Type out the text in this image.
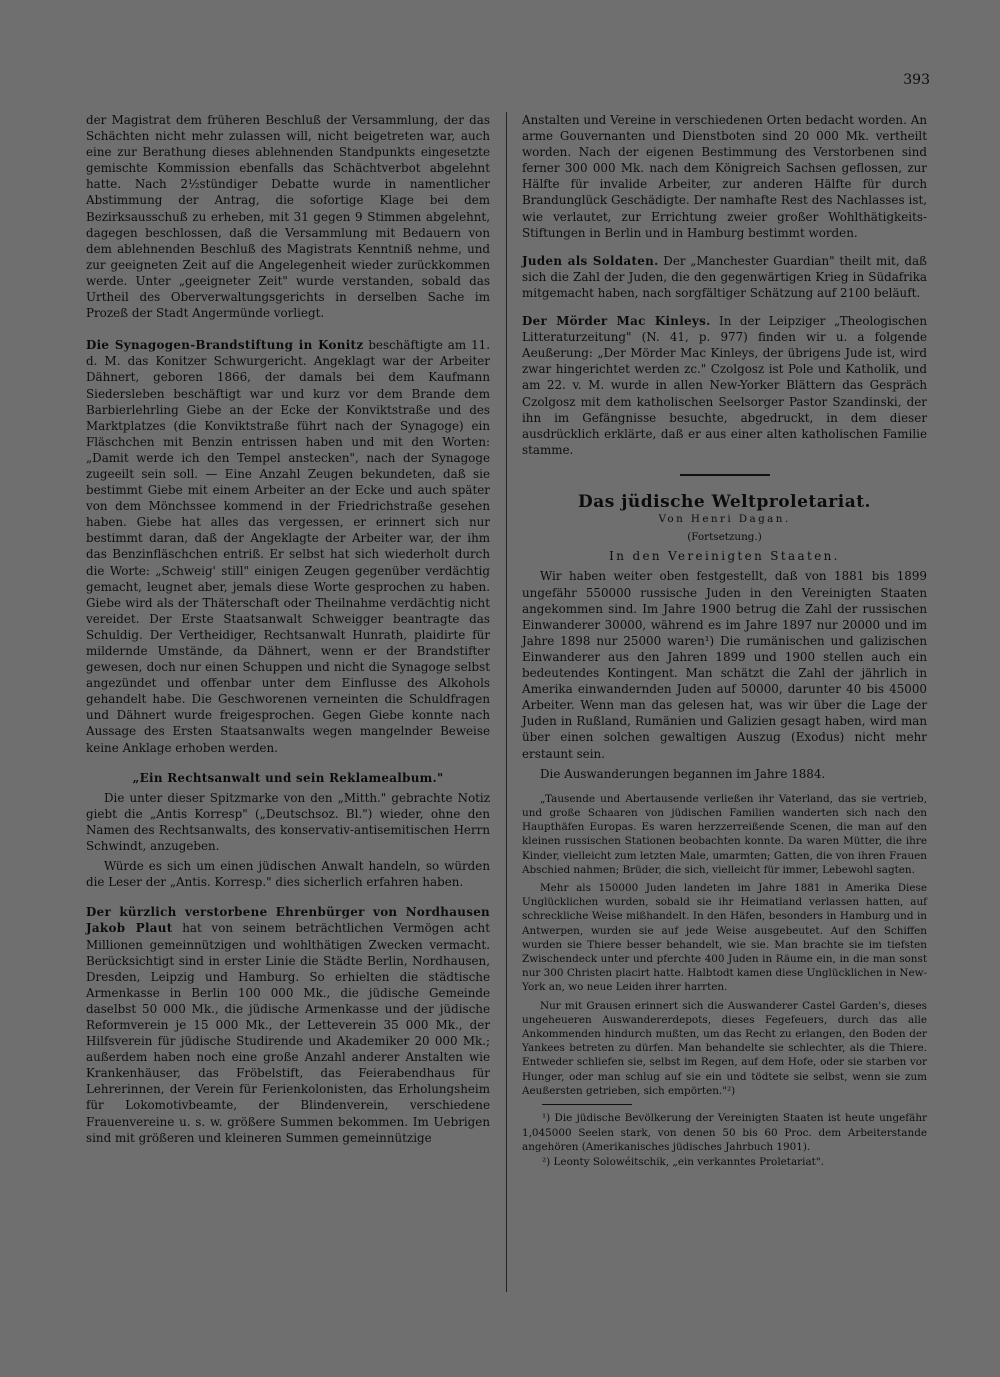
393

der Magistrat dem früheren Beschluß der Versammlung, der das Schächten nicht mehr zulassen will, nicht beigetreten war, auch eine zur Berathung dieses ablehnenden Standpunkts eingesetzte gemischte Kommission ebenfalls das Schächtverbot abgelehnt hatte. Nach 2½stündiger Debatte wurde in namentlicher Abstimmung der Antrag, die sofortige Klage bei dem Bezirksausschuß zu erheben, mit 31 gegen 9 Stimmen abgelehnt, dagegen beschlossen, daß die Versammlung mit Bedauern von dem ablehnenden Beschluß des Magistrats Kenntniß nehme, und zur geeigneten Zeit auf die Angelegenheit wieder zurückkommen werde. Unter „geeigneter Zeit" wurde verstanden, sobald das Urtheil des Oberverwaltungsgerichts in derselben Sache im Prozeß der Stadt Angermünde vorliegt.

Die Synagogen-Brandstiftung in Konitz beschäftigte am 11. d. M. das Konitzer Schwurgericht. Angeklagt war der Arbeiter Dähnert, geboren 1866, der damals bei dem Kaufmann Siedersleben beschäftigt war und kurz vor dem Brande dem Barbierlehrling Giebe an der Ecke der Konviktstraße und des Marktplatzes (die Konviktstraße führt nach der Synagoge) ein Fläschchen mit Benzin entrissen haben und mit den Worten: „Damit werde ich den Tempel anstecken", nach der Synagoge zugeeilt sein soll. — Eine Anzahl Zeugen bekundeten, daß sie bestimmt Giebe mit einem Arbeiter an der Ecke und auch später von dem Mönchssee kommend in der Friedrichstraße gesehen haben. Giebe hat alles das vergessen, er erinnert sich nur bestimmt daran, daß der Angeklagte der Arbeiter war, der ihm das Benzinfläschchen entriß. Er selbst hat sich wiederholt durch die Worte: „Schweig' still" einigen Zeugen gegenüber verdächtig gemacht, leugnet aber, jemals diese Worte gesprochen zu haben. Giebe wird als der Thäterschaft oder Theilnahme verdächtig nicht vereidet. Der Erste Staatsanwalt Schweigger beantragte das Schuldig. Der Vertheidiger, Rechtsanwalt Hunrath, plaidirte für mildernde Umstände, da Dähnert, wenn er der Brandstifter gewesen, doch nur einen Schuppen und nicht die Synagoge selbst angezündet und offenbar unter dem Einflusse des Alkohols gehandelt habe. Die Geschworenen verneinten die Schuldfragen und Dähnert wurde freigesprochen. Gegen Giebe konnte nach Aussage des Ersten Staatsanwalts wegen mangelnder Beweise keine Anklage erhoben werden.

„Ein Rechtsanwalt und sein Reklamealbum."

Die unter dieser Spitzmarke von den „Mitth." gebrachte Notiz giebt die „Antis Korresp" („Deutschsoz. Bl.") wieder, ohne den Namen des Rechtsanwalts, des konservativ-antisemitischen Herrn Schwindt, anzugeben.

Würde es sich um einen jüdischen Anwalt handeln, so würden die Leser der „Antis. Korresp." dies sicherlich erfahren haben.

Der kürzlich verstorbene Ehrenbürger von Nordhausen Jakob Plaut hat von seinem beträchtlichen Vermögen acht Millionen gemeinnützigen und wohlthätigen Zwecken vermacht. Berücksichtigt sind in erster Linie die Städte Berlin, Nordhausen, Dresden, Leipzig und Hamburg. So erhielten die städtische Armenkasse in Berlin 100 000 Mk., die jüdische Gemeinde daselbst 50 000 Mk., die jüdische Armenkasse und der jüdische Reformverein je 15 000 Mk., der Letteverein 35 000 Mk., der Hilfsverein für jüdische Studirende und Akademiker 20 000 Mk.; außerdem haben noch eine große Anzahl anderer Anstalten wie Krankenhäuser, das Fröbelstift, das Feierabendhaus für Lehrerinnen, der Verein für Ferienkolonisten, das Erholungsheim für Lokomotivbeamte, der Blindenverein, verschiedene Frauenvereine u. s. w. größere Summen bekommen. Im Uebrigen sind mit größeren und kleineren Summen gemeinnützige

Anstalten und Vereine in verschiedenen Orten bedacht worden. An arme Gouvernanten und Dienstboten sind 20 000 Mk. vertheilt worden. Nach der eigenen Bestimmung des Verstorbenen sind ferner 300 000 Mk. nach dem Königreich Sachsen geflossen, zur Hälfte für invalide Arbeiter, zur anderen Hälfte für durch Brandunglück Geschädigte. Der namhafte Rest des Nachlasses ist, wie verlautet, zur Errichtung zweier großer Wohlthätigkeits-Stiftungen in Berlin und in Hamburg bestimmt worden.

Juden als Soldaten. Der „Manchester Guardian" theilt mit, daß sich die Zahl der Juden, die den gegenwärtigen Krieg in Südafrika mitgemacht haben, nach sorgfältiger Schätzung auf 2100 beläuft.

Der Mörder Mac Kinleys. In der Leipziger „Theologischen Litteraturzeitung" (N. 41, p. 977) finden wir u. a folgende Aeußerung: „Der Mörder Mac Kinleys, der übrigens Jude ist, wird zwar hingerichtet werden zc." Czolgosz ist Pole und Katholik, und am 22. v. M. wurde in allen New-Yorker Blättern das Gespräch Czolgosz mit dem katholischen Seelsorger Pastor Szandinski, der ihn im Gefängnisse besuchte, abgedruckt, in dem dieser ausdrücklich erklärte, daß er aus einer alten katholischen Familie stamme.

Das jüdische Weltproletariat.

Von Henri Dagan.

(Fortsetzung.)

In den Vereinigten Staaten.

Wir haben weiter oben festgestellt, daß von 1881 bis 1899 ungefähr 550000 russische Juden in den Vereinigten Staaten angekommen sind. Im Jahre 1900 betrug die Zahl der russischen Einwanderer 30000, während es im Jahre 1897 nur 20000 und im Jahre 1898 nur 25000 waren¹) Die rumänischen und galizischen Einwanderer aus den Jahren 1899 und 1900 stellen auch ein bedeutendes Kontingent. Man schätzt die Zahl der jährlich in Amerika einwandernden Juden auf 50000, darunter 40 bis 45000 Arbeiter. Wenn man das gelesen hat, was wir über die Lage der Juden in Rußland, Rumänien und Galizien gesagt haben, wird man über einen solchen gewaltigen Auszug (Exodus) nicht mehr erstaunt sein.

Die Auswanderungen begannen im Jahre 1884.

„Tausende und Abertausende verließen ihr Vaterland, das sie vertrieb, und große Schaaren von jüdischen Familien wanderten sich nach den Haupthäfen Europas. Es waren herzzerreißende Scenen, die man auf den kleinen russischen Stationen beobachten konnte. Da waren Mütter, die ihre Kinder, vielleicht zum letzten Male, umarmten; Gatten, die von ihren Frauen Abschied nahmen; Brüder, die sich, vielleicht für immer, Lebewohl sagten.

Mehr als 150000 Juden landeten im Jahre 1881 in Amerika Diese Unglücklichen wurden, sobald sie ihr Heimatland verlassen hatten, auf schreckliche Weise mißhandelt. In den Häfen, besonders in Hamburg und in Antwerpen, wurden sie auf jede Weise ausgebeutet. Auf den Schiffen wurden sie Thiere besser behandelt, wie sie. Man brachte sie im tiefsten Zwischendeck unter und pferchte 400 Juden in Räume ein, in die man sonst nur 300 Christen placirt hatte. Halbtodt kamen diese Unglücklichen in New-York an, wo neue Leiden ihrer harrten.

Nur mit Grausen erinnert sich die Auswanderer Castel Garden's, dieses ungeheueren Auswandererdepots, dieses Fegefeuers, durch das alle Ankommenden hindurch mußten, um das Recht zu erlangen, den Boden der Yankees betreten zu dürfen. Man behandelte sie schlechter, als die Thiere. Entweder schliefen sie, selbst im Regen, auf dem Hofe, oder sie starben vor Hunger, oder man schlug auf sie ein und tödtete sie selbst, wenn sie zum Aeußersten getrieben, sich empörten."²)

¹) Die jüdische Bevölkerung der Vereinigten Staaten ist heute ungefähr 1,045000 Seelen stark, von denen 50 bis 60 Proc. dem Arbeiterstande angehören (Amerikanisches jüdisches Jahrbuch 1901).

²) Leonty Solowéitschik, „ein verkanntes Proletariat".
